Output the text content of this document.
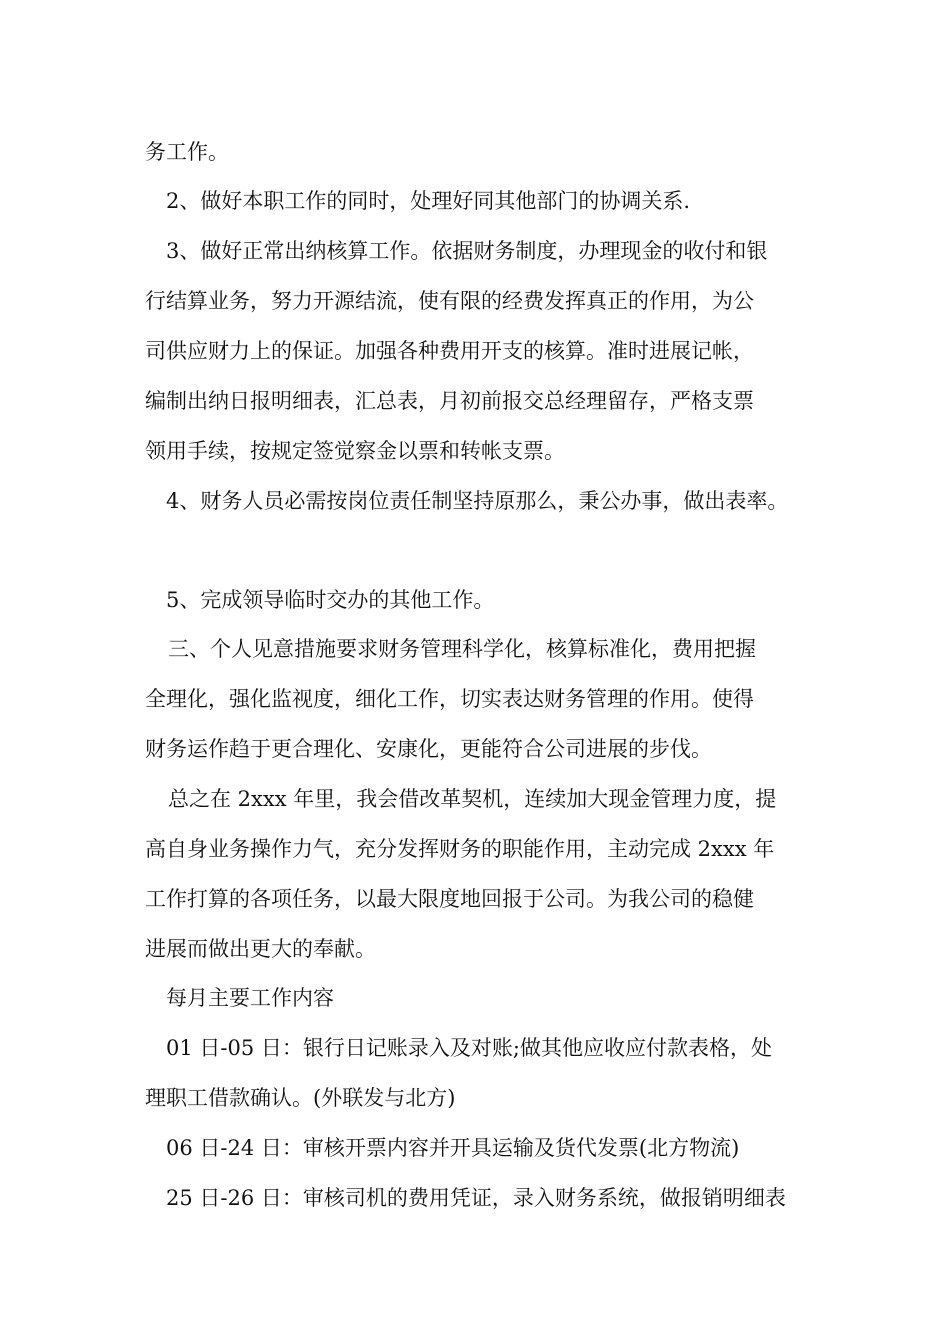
务工作。
2、做好本职工作的同时，处理好同其他部门的协调关系.
3、做好正常出纳核算工作。依据财务制度，办理现金的收付和银
行结算业务，努力开源结流，使有限的经费发挥真正的作用，为公
司供应财力上的保证。加强各种费用开支的核算。准时进展记帐，
编制出纳日报明细表，汇总表，月初前报交总经理留存，严格支票
领用手续，按规定签觉察金以票和转帐支票。
4、财务人员必需按岗位责任制坚持原那么，秉公办事，做出表率。
5、完成领导临时交办的其他工作。
三、个人见意措施要求财务管理科学化，核算标准化，费用把握
全理化，强化监视度，细化工作，切实表达财务管理的作用。使得
财务运作趋于更合理化、安康化，更能符合公司进展的步伐。
总之在 2xxx 年里，我会借改革契机，连续加大现金管理力度，提
高自身业务操作力气，充分发挥财务的职能作用，主动完成 2xxx 年
工作打算的各项任务，以最大限度地回报于公司。为我公司的稳健
进展而做出更大的奉献。
每月主要工作内容
01 日-05 日：银行日记账录入及对账;做其他应收应付款表格，处
理职工借款确认。(外联发与北方)
06 日-24 日：审核开票内容并开具运输及货代发票(北方物流)
25 日-26 日：审核司机的费用凭证，录入财务系统，做报销明细表
